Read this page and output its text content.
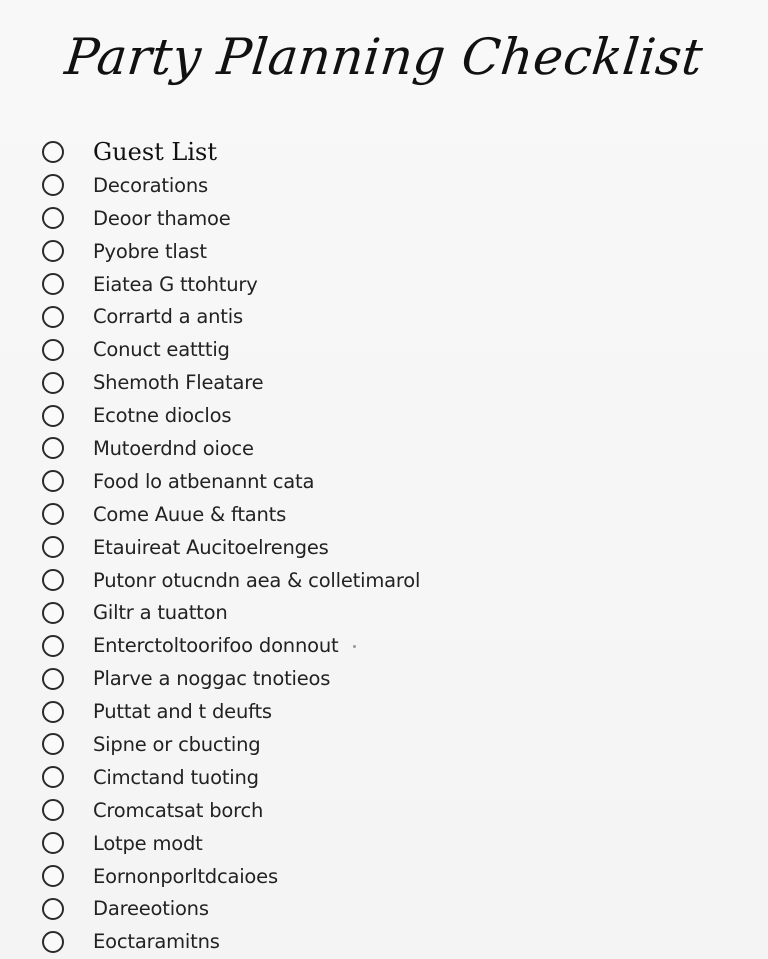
Party Planning Checklist
Guest List
Decorations
Deoor thamoe
Pyobre tlast
Eiatea G ttohtury
Corrartd a antis
Conuct eatttig
Shemoth Fleatare
Ecotne dioclos
Mutoerdnd oioce
Food lo atbenannt cata
Come Auue & ftants
Etauireat Aucitoelrenges
Putonr otucndn aea & colletimarol
Giltr a tuatton
Enterctoltoorifoo donnout
Plarve a noggac tnotieos
Puttat and t deufts
Sipne or cbucting
Cimctand tuoting
Cromcatsat borch
Lotpe modt
Eornonporltdcaioes
Dareeotions
Eoctaramitns
